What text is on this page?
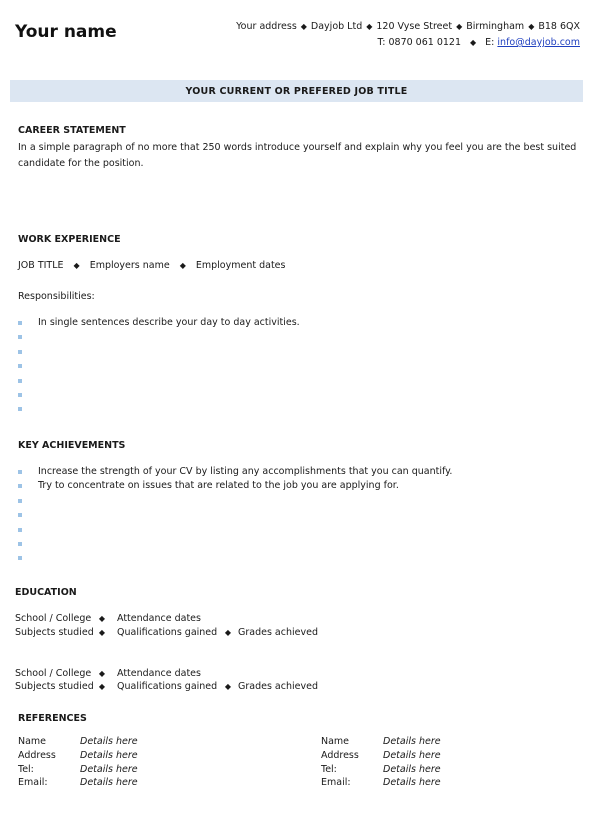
Your name	Your address ◆ Dayjob Ltd ◆ 120 Vyse Street ◆ Birmingham ◆ B18 6QX
T: 0870 061 0121 ◆ E: info@dayjob.com
YOUR CURRENT OR PREFERED JOB TITLE
CAREER STATEMENT
In a simple paragraph of no more that 250 words introduce yourself and explain why you feel you are the best suited candidate for the position.
WORK EXPERIENCE
JOB TITLE ◆ Employers name ◆ Employment dates
Responsibilities:
In single sentences describe your day to day activities.
KEY ACHIEVEMENTS
Increase the strength of your CV by listing any accomplishments that you can quantify.
Try to concentrate on issues that are related to the job you are applying for.
EDUCATION
School / College ◆ Attendance dates
Subjects studied ◆ Qualifications gained ◆ Grades achieved
School / College ◆ Attendance dates
Subjects studied ◆ Qualifications gained ◆ Grades achieved
REFERENCES
Name	Details here
Address	Details here
Tel:	Details here
Email:	Details here
Name	Details here
Address	Details here
Tel:	Details here
Email:	Details here
